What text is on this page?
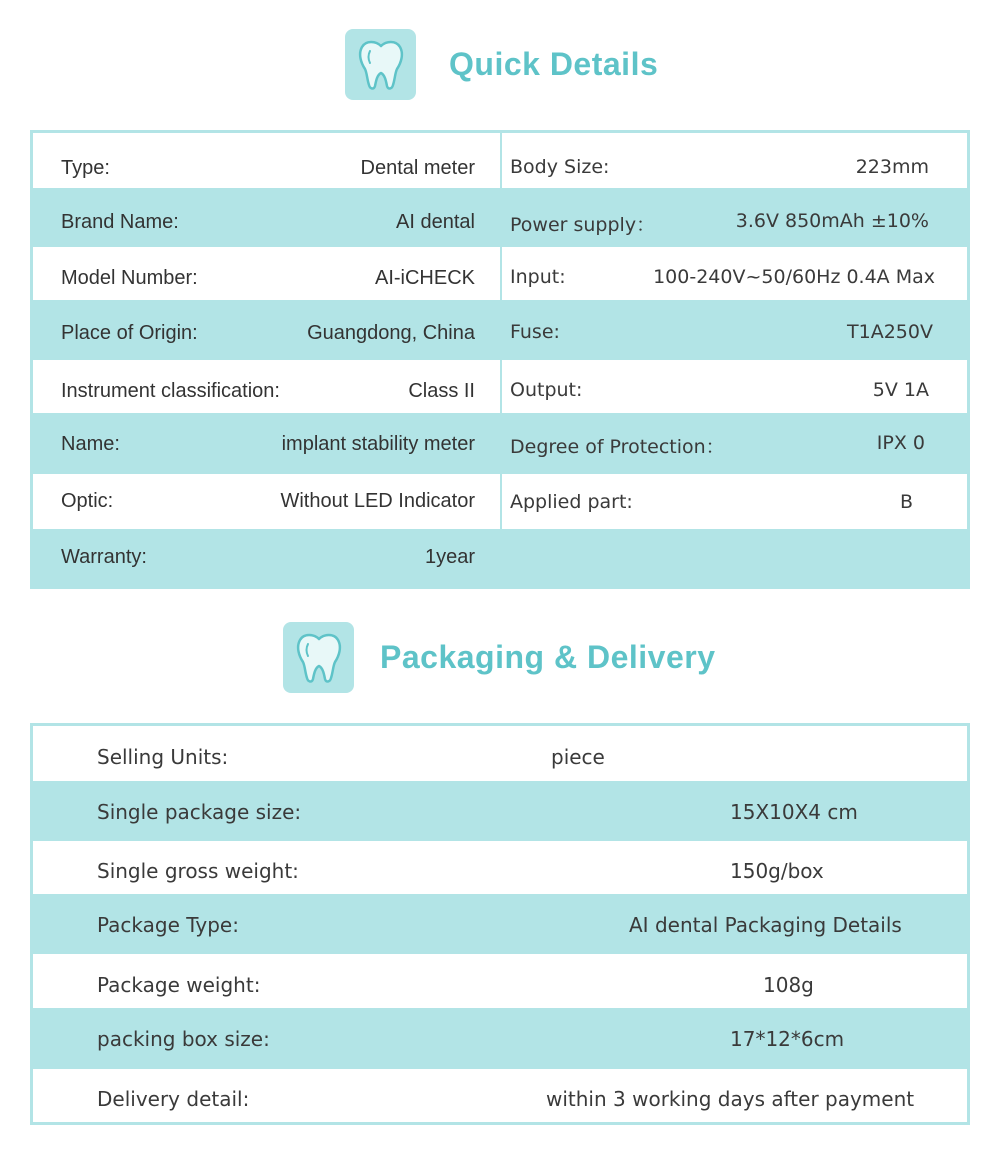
Quick Details
Type:	Dental meter Body Size:	223mm
Brand Name:	AI dental Power supply：	3.6V 850mAh ±10%
Model Number:	AI-iCHECK Input:	100-240V~50/60Hz 0.4A Max
Place of Origin:	Guangdong, China Fuse:	T1A250V
Instrument classification:	Class II Output:	5V 1A
Name:	implant stability meter Degree of Protection：	IPX 0
Optic:	Without LED Indicator Applied part:	B
Warranty:	1year
Packaging & Delivery
Selling Units:	piece
Single package size:	15X10X4 cm
Single gross weight:	150g/box
Package Type:	AI dental Packaging Details
Package weight:	108g
packing box size:	17*12*6cm
Delivery detail:	within 3 working days after payment
